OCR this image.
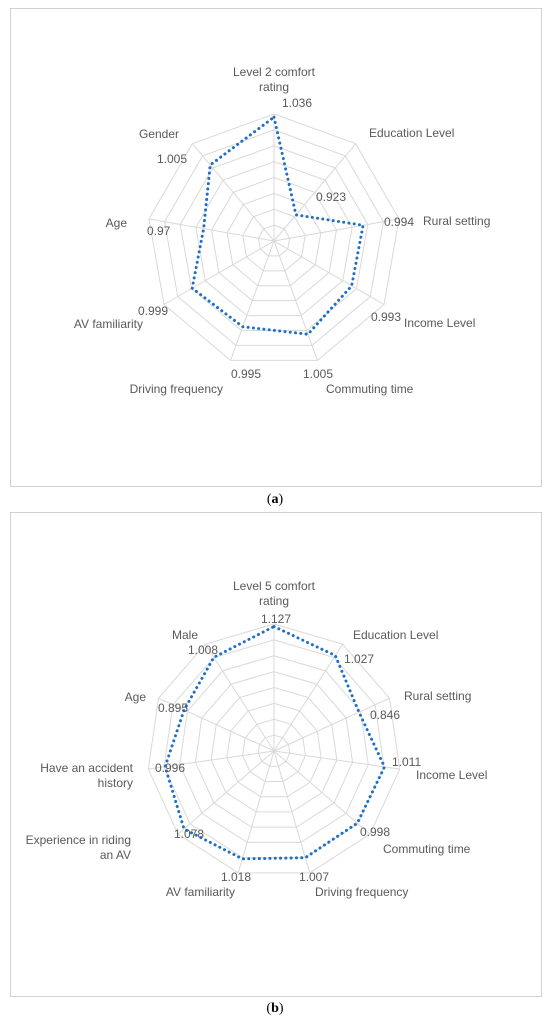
Level 2 comfort rating
Education Level
Rural setting
Income Level
Commuting time
Driving frequency
AV familiarity
Age
Gender
1.036
0.923
0.994
0.993
1.005
0.995
0.999
0.97
1.005
(a)
Level 5 comfort rating
Education Level
Rural setting
Income Level
Commuting time
Driving frequency
AV familiarity
Experience in riding an AV
Have an accident history
Age
Male
1.127
1.027
0.846
1.011
0.998
1.007
1.018
1.078
0.996
0.895
1.008
(b)
